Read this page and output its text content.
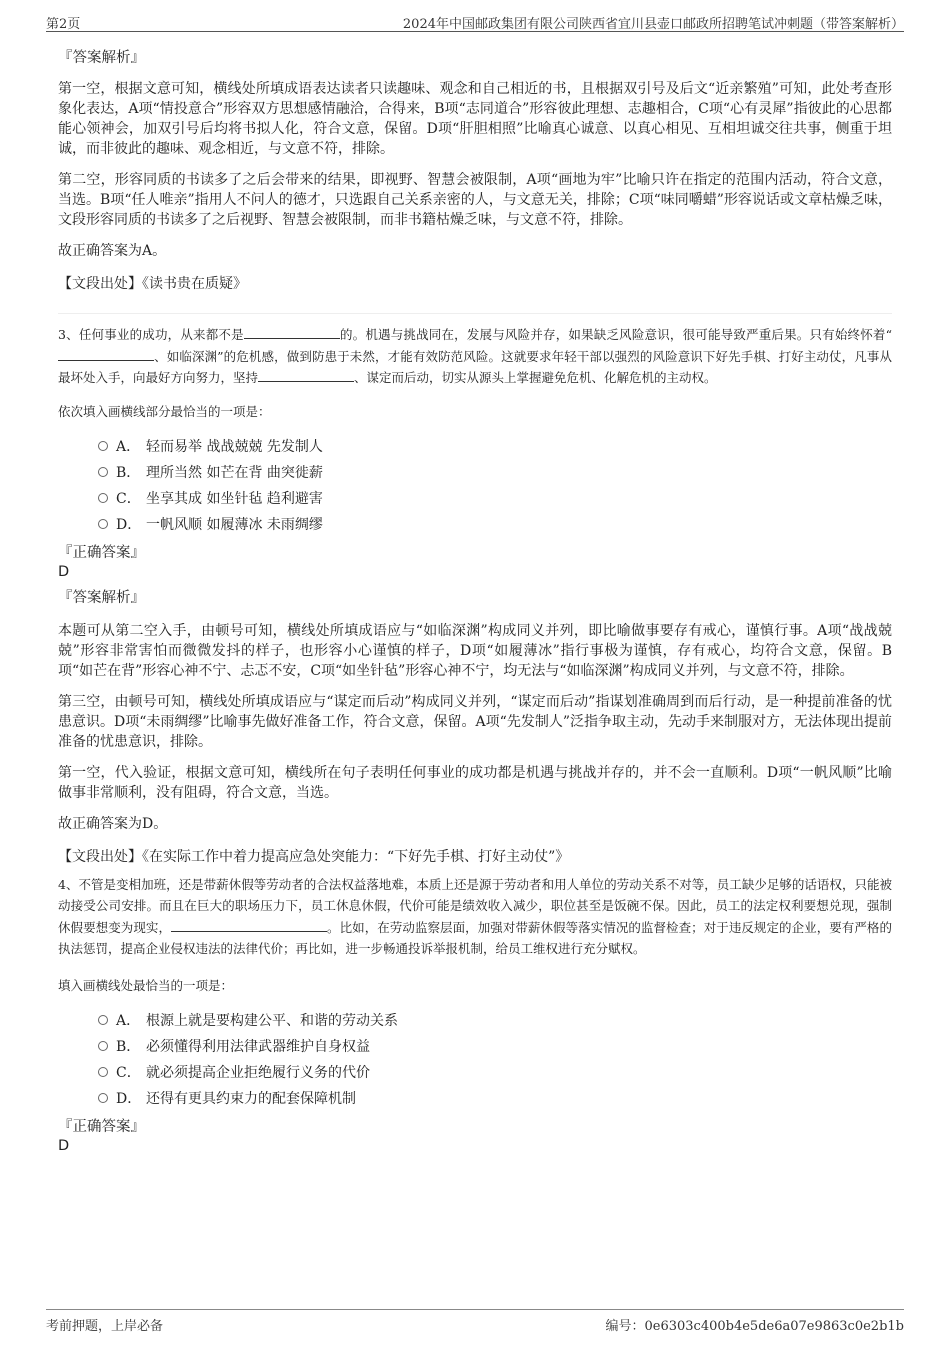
第2页	2024年中国邮政集团有限公司陕西省宜川县壶口邮政所招聘笔试冲刺题（带答案解析）
『答案解析』

第一空，根据文意可知，横线处所填成语表达读者只读趣味、观念和自己相近的书，且根据双引号及后文“近亲繁殖”可知，此处考查形象化表达，A项“情投意合”形容双方思想感情融洽，合得来，B项“志同道合”形容彼此理想、志趣相合，C项“心有灵犀”指彼此的心思都能心领神会，加双引号后均将书拟人化，符合文意，保留。D项“肝胆相照”比喻真心诚意、以真心相见、互相坦诚交往共事，侧重于坦诚，而非彼此的趣味、观念相近，与文意不符，排除。

第二空，形容同质的书读多了之后会带来的结果，即视野、智慧会被限制，A项“画地为牢”比喻只许在指定的范围内活动，符合文意，当选。B项“任人唯亲”指用人不问人的德才，只选跟自己关系亲密的人，与文意无关，排除；C项“味同嚼蜡”形容说话或文章枯燥乏味，文段形容同质的书读多了之后视野、智慧会被限制，而非书籍枯燥乏味，与文意不符，排除。

故正确答案为A。

【文段出处】《读书贵在质疑》

3、任何事业的成功，从来都不是	的。机遇与挑战同在，发展与风险并存，如果缺乏风险意识，很可能导致严重后果。只有始终怀着“、如临深渊”的危机感，做到防患于未然，才能有效防范风险。这就要求年轻干部以强烈的风险意识下好先手棋、打好主动仗，凡事从最坏处入手，向最好方向努力，坚持	、谋定而后动，切实从源头上掌握避免危机、化解危机的主动权。

依次填入画横线部分最恰当的一项是：
A． 轻而易举 战战兢兢 先发制人
B． 理所当然 如芒在背 曲突徙薪
C． 坐享其成 如坐针毡 趋利避害
D． 一帆风顺 如履薄冰 未雨绸缪
『正确答案』
D
『答案解析』

本题可从第二空入手，由顿号可知，横线处所填成语应与“如临深渊”构成同义并列，即比喻做事要存有戒心，谨慎行事。A项“战战兢兢”形容非常害怕而微微发抖的样子，也形容小心谨慎的样子，D项“如履薄冰”指行事极为谨慎，存有戒心，均符合文意，保留。B项“如芒在背”形容心神不宁、忐忑不安，C项“如坐针毡”形容心神不宁，均无法与“如临深渊”构成同义并列，与文意不符，排除。

第三空，由顿号可知，横线处所填成语应与“谋定而后动”构成同义并列，“谋定而后动”指谋划准确周到而后行动，是一种提前准备的忧患意识。D项“未雨绸缪”比喻事先做好准备工作，符合文意，保留。A项“先发制人”泛指争取主动，先动手来制服对方，无法体现出提前准备的忧患意识，排除。

第一空，代入验证，根据文意可知，横线所在句子表明任何事业的成功都是机遇与挑战并存的，并不会一直顺利。D项“一帆风顺”比喻做事非常顺利，没有阻碍，符合文意，当选。

故正确答案为D。

【文段出处】《在实际工作中着力提高应急处突能力：“下好先手棋、打好主动仗”》

4、不管是变相加班，还是带薪休假等劳动者的合法权益落地难，本质上还是源于劳动者和用人单位的劳动关系不对等，员工缺少足够的话语权，只能被动接受公司安排。而且在巨大的职场压力下，员工休息休假，代价可能是绩效收入减少，职位甚至是饭碗不保。因此，员工的法定权利要想兑现，强制休假要想变为现实，	。比如，在劳动监察层面，加强对带薪休假等落实情况的监督检查；对于违反规定的企业，要有严格的执法惩罚，提高企业侵权违法的法律代价；再比如，进一步畅通投诉举报机制，给员工维权进行充分赋权。

填入画横线处最恰当的一项是：
A． 根源上就是要构建公平、和谐的劳动关系
B． 必须懂得利用法律武器维护自身权益
C． 就必须提高企业拒绝履行义务的代价
D． 还得有更具约束力的配套保障机制
『正确答案』
D
考前押题，上岸必备	编号：0e6303c400b4e5de6a07e9863c0e2b1b
